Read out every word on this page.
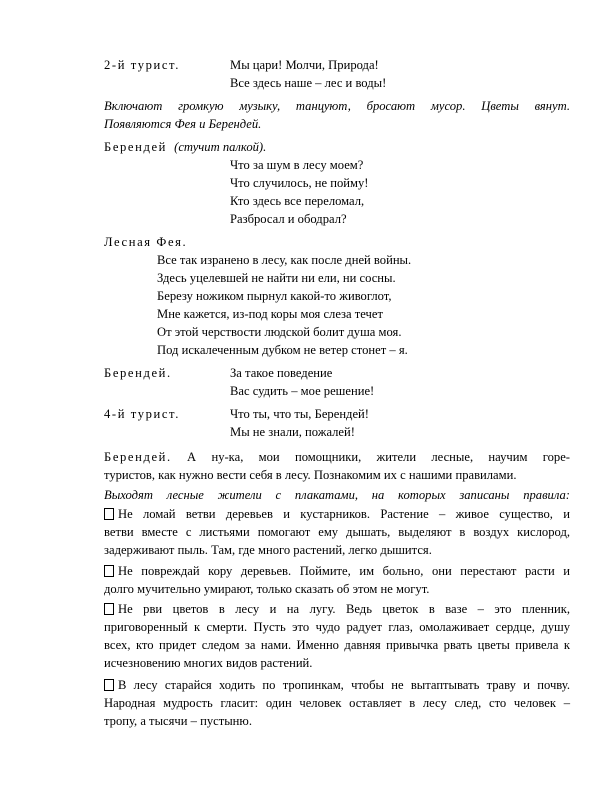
2-й турист.	Мы цари! Молчи, Природа!
Все здесь наше – лес и воды!
Включают громкую музыку, танцуют, бросают мусор. Цветы вянут.
Появляются Фея и Берендей.
Берендей (стучит палкой).
Что за шум в лесу моем?
Что случилось, не пойму!
Кто здесь все переломал,
Разбросал и ободрал?
Лесная Фея.
Все так изранено в лесу, как после дней войны.
Здесь уцелевшей не найти ни ели, ни сосны.
Березу ножиком пырнул какой-то живоглот,
Мне кажется, из-под коры моя слеза течет
От этой черствости людской болит душа моя.
Под искалеченным дубком не ветер стонет – я.
Берендей.	За такое поведение
Вас судить – мое решение!
4-й турист.	Что ты, что ты, Берендей!
Мы не знали, пожалей!
Берендей. А ну-ка, мои помощники, жители лесные, научим горе-
туристов, как нужно вести себя в лесу. Познакомим их с нашими правилами.
Выходят лесные жители с плакатами, на которых записаны правила:
Не ломай ветви деревьев и кустарников. Растение – живое существо, и
ветви вместе с листьями помогают ему дышать, выделяют в воздух кислород,
задерживают пыль. Там, где много растений, легко дышится.
Не повреждай кору деревьев. Поймите, им больно, они перестают расти и
долго мучительно умирают, только сказать об этом не могут.
Не рви цветов в лесу и на лугу. Ведь цветок в вазе – это пленник,
приговоренный к смерти. Пусть это чудо радует глаз, омолаживает сердце, душу
всех, кто придет следом за нами. Именно давняя привычка рвать цветы привела к
исчезновению многих видов растений.
В лесу старайся ходить по тропинкам, чтобы не вытаптывать траву и почву.
Народная мудрость гласит: один человек оставляет в лесу след, сто человек –
тропу, а тысячи – пустыню.
